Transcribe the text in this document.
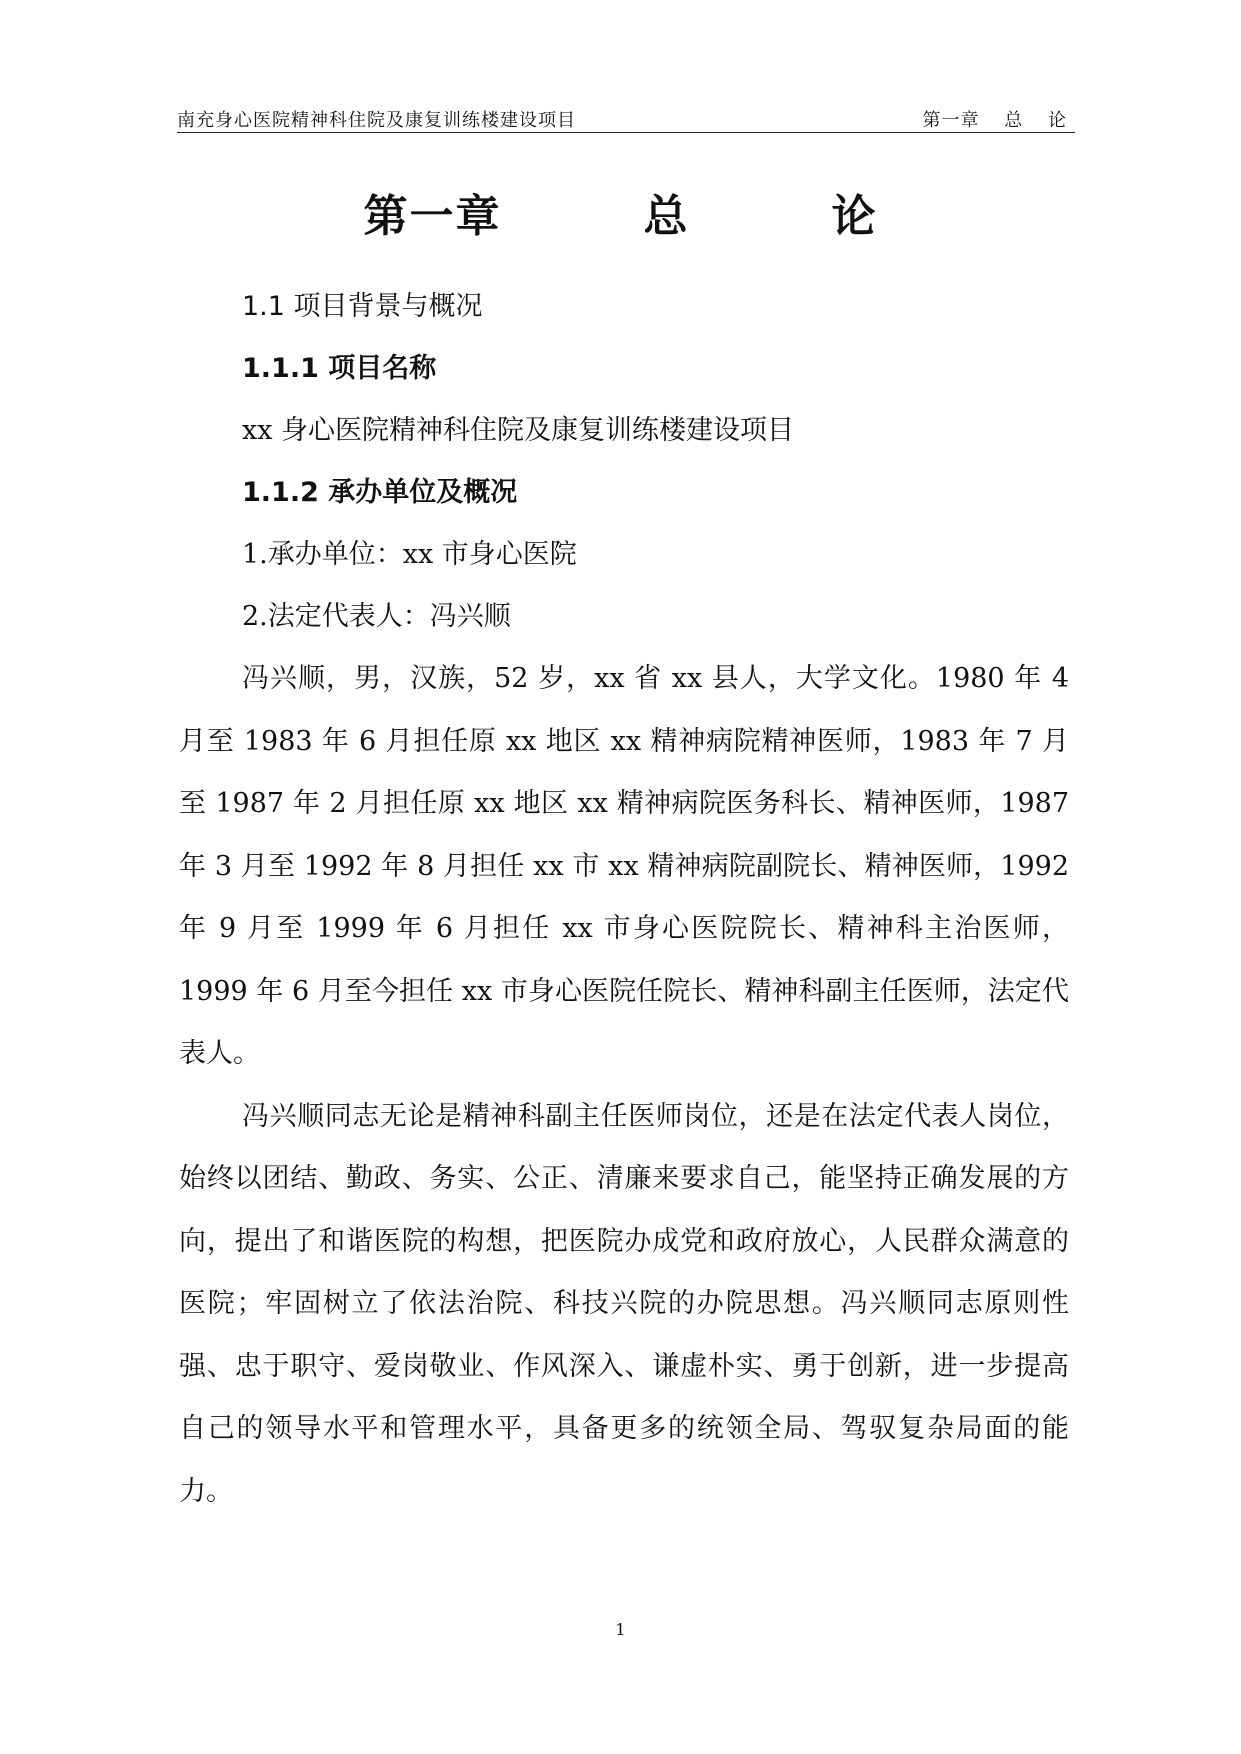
南充身心医院精神科住院及康复训练楼建设项目	第一章 总 论
第一章   总   论
1.1 项目背景与概况
1.1.1 项目名称
xx 身心医院精神科住院及康复训练楼建设项目
1.1.2 承办单位及概况
1.承办单位：xx 市身心医院
2.法定代表人：冯兴顺

冯兴顺，男，汉族，52 岁，xx 省 xx 县人，大学文化。1980 年 4 月至 1983 年 6 月担任原 xx 地区 xx 精神病院精神医师，1983 年 7 月至 1987 年 2 月担任原 xx 地区 xx 精神病院医务科长、精神医师，1987 年 3 月至 1992 年 8 月担任 xx 市 xx 精神病院副院长、精神医师，1992 年 9 月至 1999 年 6 月担任 xx 市身心医院院长、精神科主治医师，1999 年 6 月至今担任 xx 市身心医院任院长、精神科副主任医师，法定代表人。

冯兴顺同志无论是精神科副主任医师岗位，还是在法定代表人岗位，始终以团结、勤政、务实、公正、清廉来要求自己，能坚持正确发展的方向，提出了和谐医院的构想，把医院办成党和政府放心，人民群众满意的医院；牢固树立了依法治院、科技兴院的办院思想。冯兴顺同志原则性强、忠于职守、爱岗敬业、作风深入、谦虚朴实、勇于创新，进一步提高自己的领导水平和管理水平，具备更多的统领全局、驾驭复杂局面的能力。

1
